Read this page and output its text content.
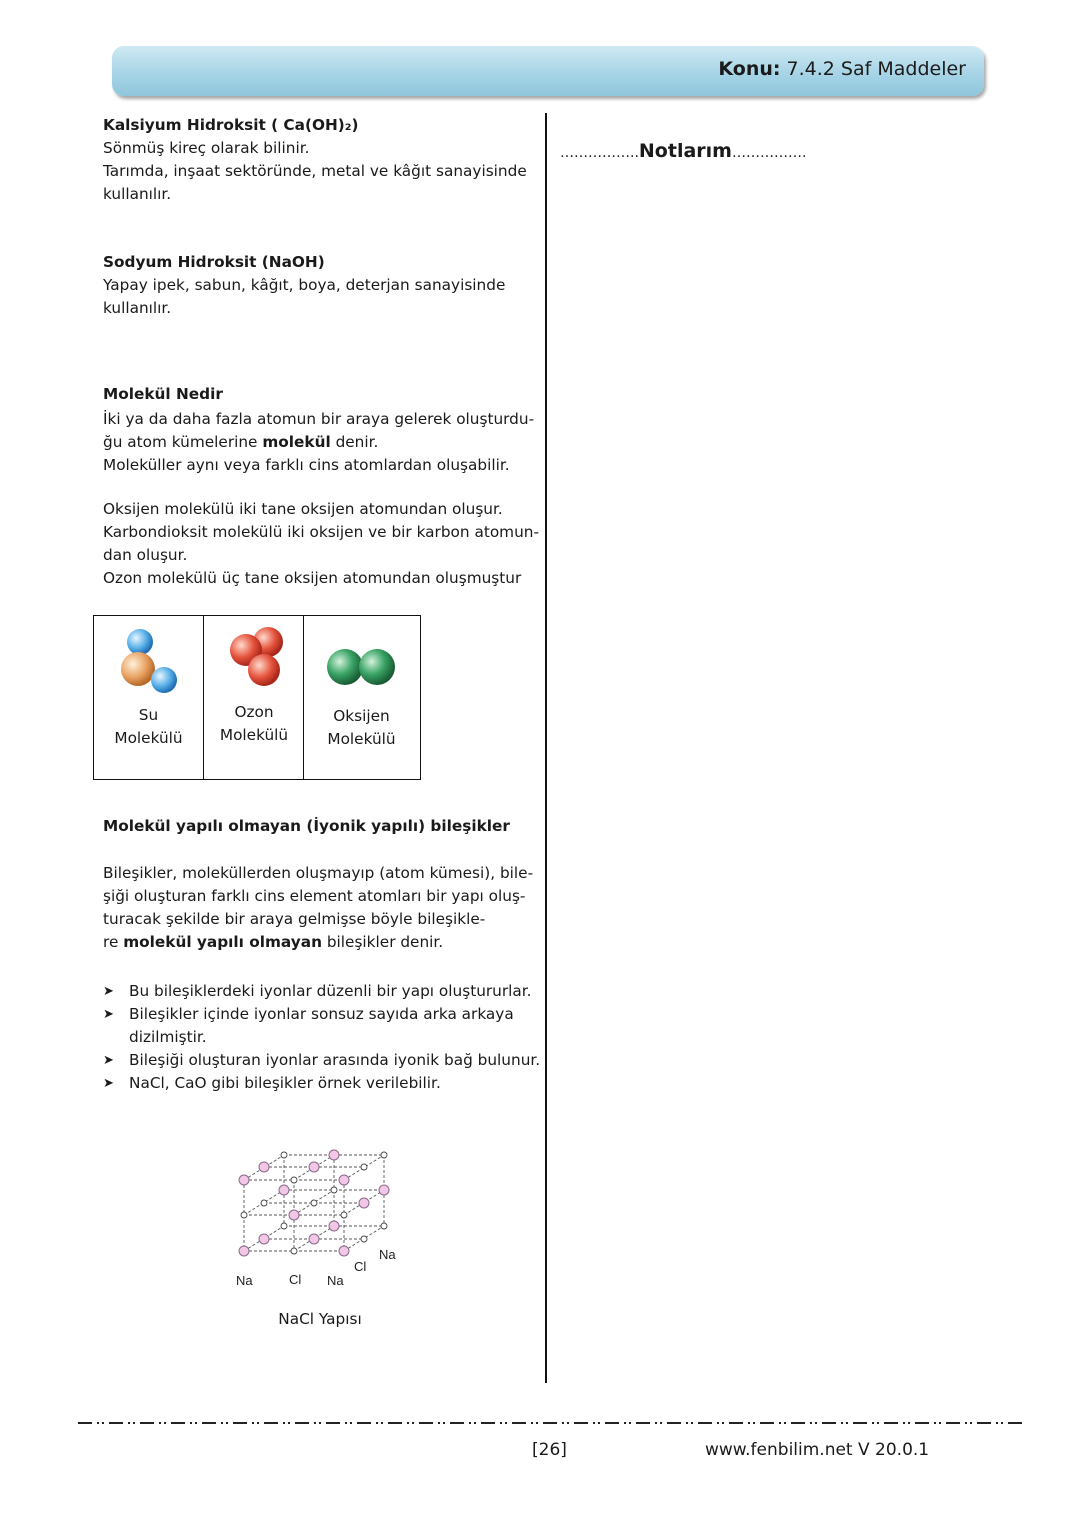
Konu: 7.4.2 Saf Maddeler
Kalsiyum Hidroksit ( Ca(OH)₂)
Sönmüş kireç olarak bilinir.
Tarımda, inşaat sektöründe, metal ve kâğıt sanayisinde
kullanılır.
Sodyum Hidroksit (NaOH)
Yapay ipek, sabun, kâğıt, boya, deterjan sanayisinde
kullanılır.
Molekül Nedir
İki ya da daha fazla atomun bir araya gelerek oluşturdu-
ğu atom kümelerine molekül denir.
Moleküller aynı veya farklı cins atomlardan oluşabilir.
Oksijen molekülü iki tane oksijen atomundan oluşur.
Karbondioksit molekülü iki oksijen ve bir karbon atomun-
dan oluşur.
Ozon molekülü üç tane oksijen atomundan oluşmuştur
Molekül yapılı olmayan (İyonik yapılı) bileşikler
Bileşikler, moleküllerden oluşmayıp (atom kümesi), bile-
şiği oluşturan farklı cins element atomları bir yapı oluş-
turacak şekilde bir araya gelmişse böyle bileşikle-
re molekül yapılı olmayan bileşikler denir.
➤ Bu bileşiklerdeki iyonlar düzenli bir yapı oluştururlar.
➤ Bileşikler içinde iyonlar sonsuz sayıda arka arkaya dizilmiştir.
➤ Bileşiği oluşturan iyonlar arasında iyonik bağ bulunur.
➤ NaCl, CaO gibi bileşikler örnek verilebilir.
Su
Molekülü
Ozon
Molekülü
Oksijen
Molekülü
Na	Cl Na
Cl
Na
NaCl Yapısı
……………..Notlarım…………….
[26]	www.fenbilim.net V 20.0.1
